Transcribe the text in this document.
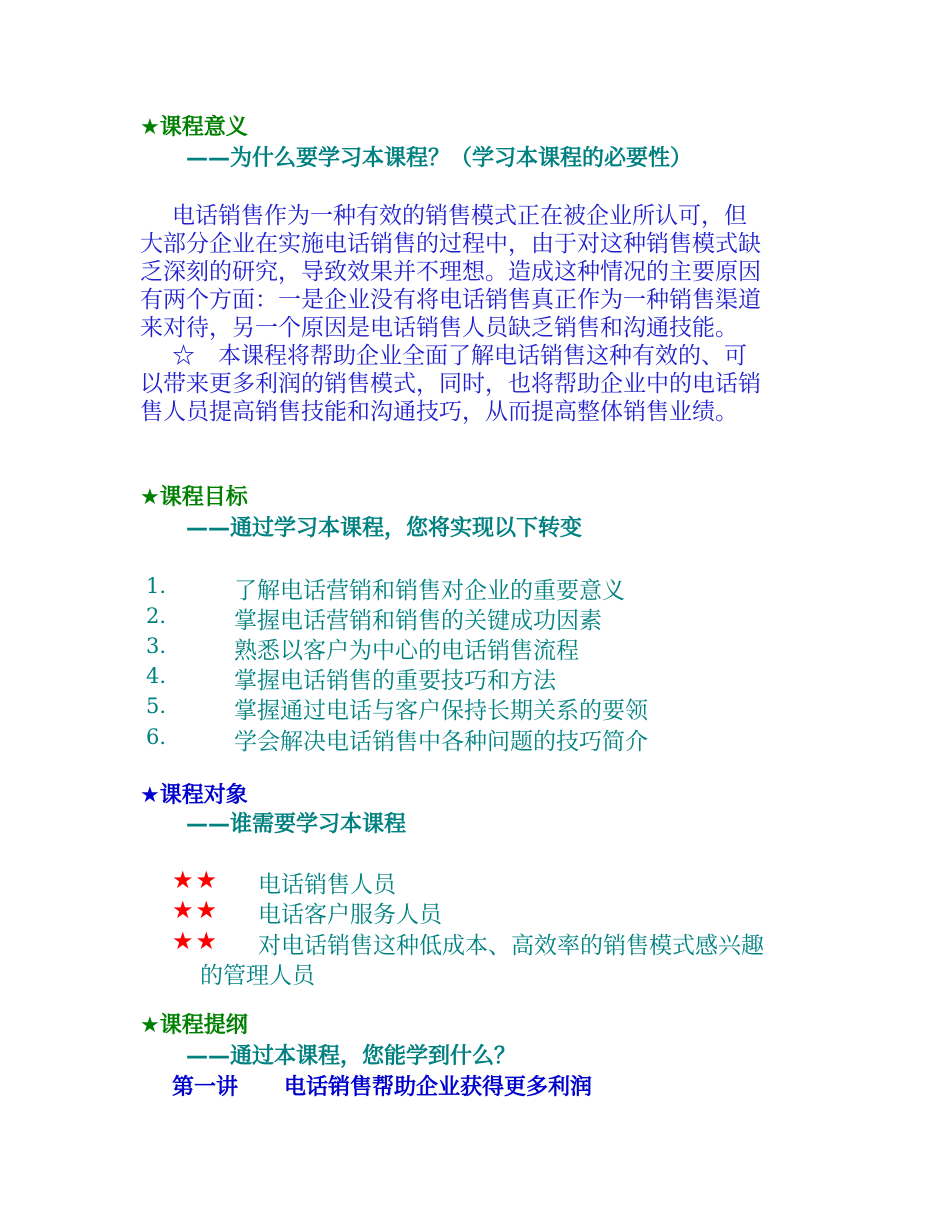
★课程意义
——为什么要学习本课程？（学习本课程的必要性）
电话销售作为一种有效的销售模式正在被企业所认可，但
大部分企业在实施电话销售的过程中，由于对这种销售模式缺
乏深刻的研究，导致效果并不理想。造成这种情况的主要原因
有两个方面：一是企业没有将电话销售真正作为一种销售渠道
来对待，另一个原因是电话销售人员缺乏销售和沟通技能。
☆　本课程将帮助企业全面了解电话销售这种有效的、可
以带来更多利润的销售模式，同时，也将帮助企业中的电话销
售人员提高销售技能和沟通技巧，从而提高整体销售业绩。
★课程目标
——通过学习本课程，您将实现以下转变
1.	了解电话营销和销售对企业的重要意义
2.	掌握电话营销和销售的关键成功因素
3.	熟悉以客户为中心的电话销售流程
4.	掌握电话销售的重要技巧和方法
5.	掌握通过电话与客户保持长期关系的要领
6.	学会解决电话销售中各种问题的技巧简介
★课程对象
——谁需要学习本课程
★★ 电话销售人员
★★ 电话客户服务人员
★★ 对电话销售这种低成本、高效率的销售模式感兴趣
的管理人员
★课程提纲
——通过本课程，您能学到什么？
第一讲 电话销售帮助企业获得更多利润
